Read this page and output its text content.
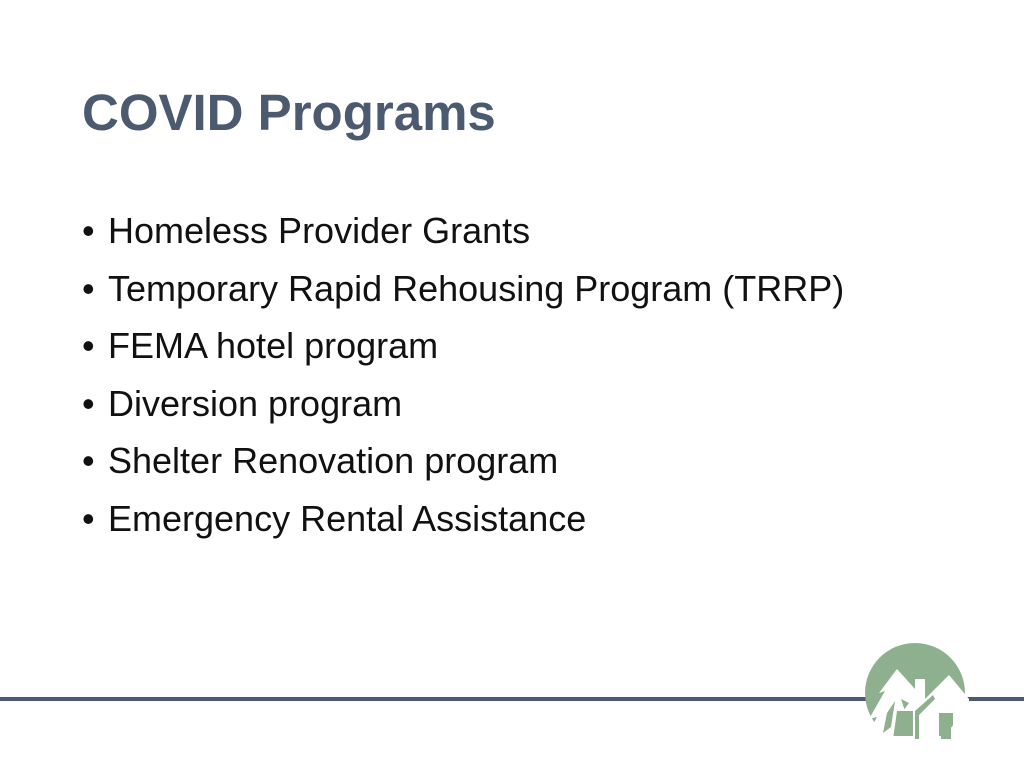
COVID Programs
• Homeless Provider Grants
• Temporary Rapid Rehousing Program (TRRP)
• FEMA hotel program
• Diversion program
• Shelter Renovation program
• Emergency Rental Assistance
